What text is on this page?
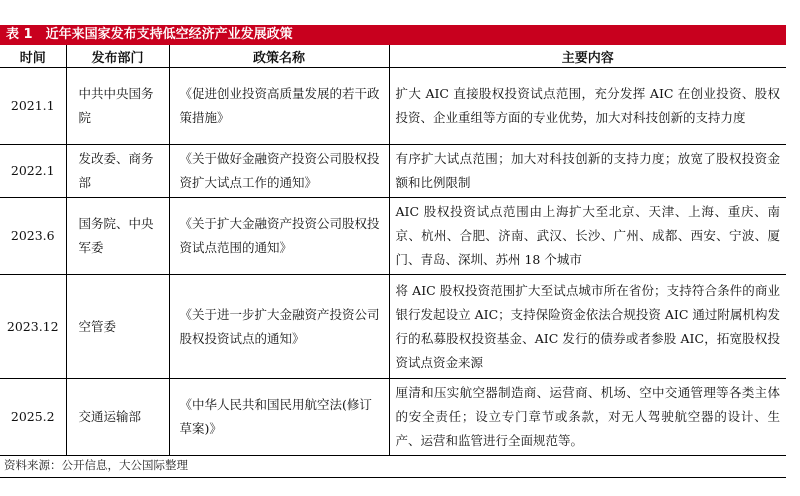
表 1　近年来国家发布支持低空经济产业发展政策
时间	发布部门	政策名称	主要内容
2021.1	中共中央国务院	《促进创业投资高质量发展的若干政策措施》	扩大 AIC 直接股权投资试点范围，充分发挥 AIC 在创业投资、股权投资、企业重组等方面的专业优势，加大对科技创新的支持力度
2022.1	发改委、商务部	《关于做好金融资产投资公司股权投资扩大试点工作的通知》	有序扩大试点范围；加大对科技创新的支持力度；放宽了股权投资金额和比例限制
2023.6	国务院、中央军委	《关于扩大金融资产投资公司股权投资试点范围的通知》	AIC 股权投资试点范围由上海扩大至北京、天津、上海、重庆、南京、杭州、合肥、济南、武汉、长沙、广州、成都、西安、宁波、厦门、青岛、深圳、苏州 18 个城市
2023.12	空管委	《关于进一步扩大金融资产投资公司股权投资试点的通知》	将 AIC 股权投资范围扩大至试点城市所在省份；支持符合条件的商业银行发起设立 AIC；支持保险资金依法合规投资 AIC 通过附属机构发行的私募股权投资基金、AIC 发行的债券或者参股 AIC，拓宽股权投资试点资金来源
2025.2	交通运输部	《中华人民共和国民用航空法(修订草案)》	厘清和压实航空器制造商、运营商、机场、空中交通管理等各类主体的安全责任；设立专门章节或条款，对无人驾驶航空器的设计、生产、运营和监管进行全面规范等。
资料来源：公开信息，大公国际整理
